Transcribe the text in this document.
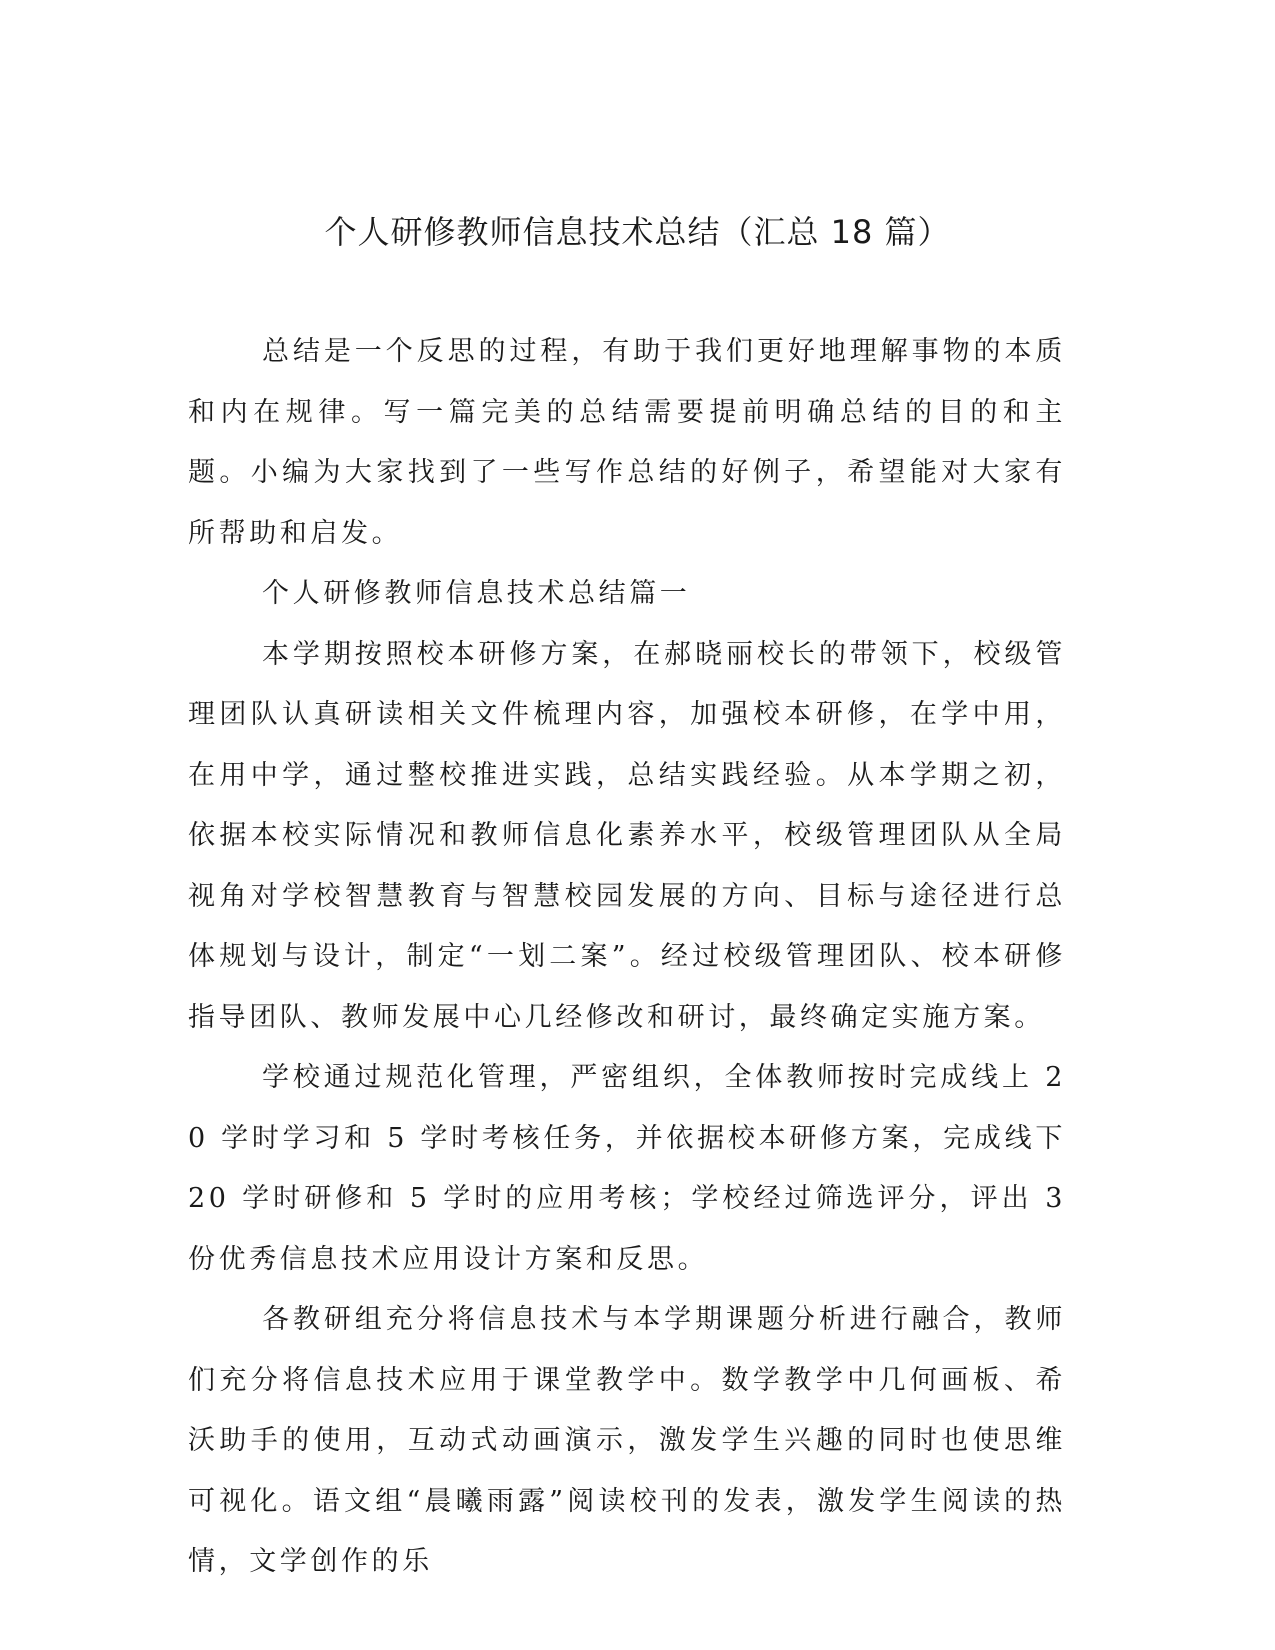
个人研修教师信息技术总结（汇总 18 篇）

总结是一个反思的过程，有助于我们更好地理解事物的本质和内在规律。写一篇完美的总结需要提前明确总结的目的和主题。小编为大家找到了一些写作总结的好例子，希望能对大家有所帮助和启发。

个人研修教师信息技术总结篇一

本学期按照校本研修方案，在郝晓丽校长的带领下，校级管理团队认真研读相关文件梳理内容，加强校本研修，在学中用，在用中学，通过整校推进实践，总结实践经验。从本学期之初，依据本校实际情况和教师信息化素养水平，校级管理团队从全局视角对学校智慧教育与智慧校园发展的方向、目标与途径进行总体规划与设计，制定“一划二案”。经过校级管理团队、校本研修指导团队、教师发展中心几经修改和研讨，最终确定实施方案。

学校通过规范化管理，严密组织，全体教师按时完成线上 20 学时学习和 5 学时考核任务，并依据校本研修方案，完成线下 20 学时研修和 5 学时的应用考核；学校经过筛选评分，评出 3 份优秀信息技术应用设计方案和反思。

各教研组充分将信息技术与本学期课题分析进行融合，教师们充分将信息技术应用于课堂教学中。数学教学中几何画板、希沃助手的使用，互动式动画演示，激发学生兴趣的同时也使思维可视化。语文组“晨曦雨露”阅读校刊的发表，激发学生阅读的热情，文学创作的乐
